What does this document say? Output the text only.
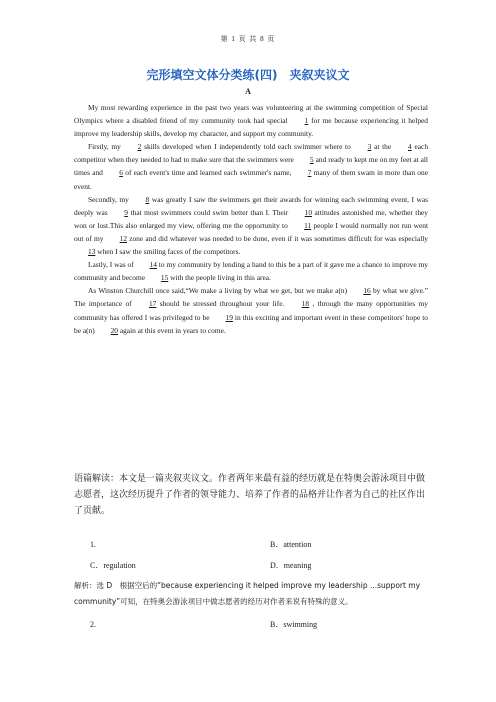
第 1 页 共 8 页
完形填空文体分类练(四)　夹叙夹议文
A

My most rewarding experience in the past two years was volunteering at the swimming competition of Special Olympics where a disabled friend of my community took had special 1 for me because experiencing it helped improve my leadership skills, develop my character, and support my community.

Firstly, my 2 skills developed when I independently told each swimmer where to 3 at the 4 each competitor when they needed to had to make sure that the swimmers were 5 and ready to kept me on my feet at all times and 6 of each event's time and learned each swimmer's name, 7 many of them swam in more than one event.

Secondly, my 8 was greatly I saw the swimmers get their awards for winning each swimming event, I was deeply was 9 that most swimmers could swim better than I. Their 10 attitudes astonished me, whether they won or lost.This also enlarged my view, offering me the opportunity to 11 people I would normally not run went out of my 12 zone and did whatever was needed to be done, even if it was sometimes difficult for was especially 13 when I saw the smiling faces of the competitors.

Lastly, I was of 14 to my community by lending a hand to this be a part of it gave me a chance to improve my community and become 15 with the people living in this area.

As Winston Churchill once said,“We make a living by what we get, but we make a(n) 16 by what we give.” The importance of 17 should be stressed throughout your life. 18 , through the many opportunities my community has offered I was privileged to be 19 in this exciting and important event in these competitors' hope to be a(n) 20 again at this event in years to come.

语篇解读：本文是一篇夹叙夹议文。作者两年来最有益的经历就是在特奥会游泳项目中做志愿者，这次经历提升了作者的领导能力、培养了作者的品格并让作者为自己的社区作出了贡献。
1.	B．attention
C．regulation	D．meaning
解析：选 D　根据空后的“because experiencing it helped improve my leadership ...support my community”可知，在特奥会游泳项目中做志愿者的经历对作者来说有特殊的意义。
2.	B．swimming
